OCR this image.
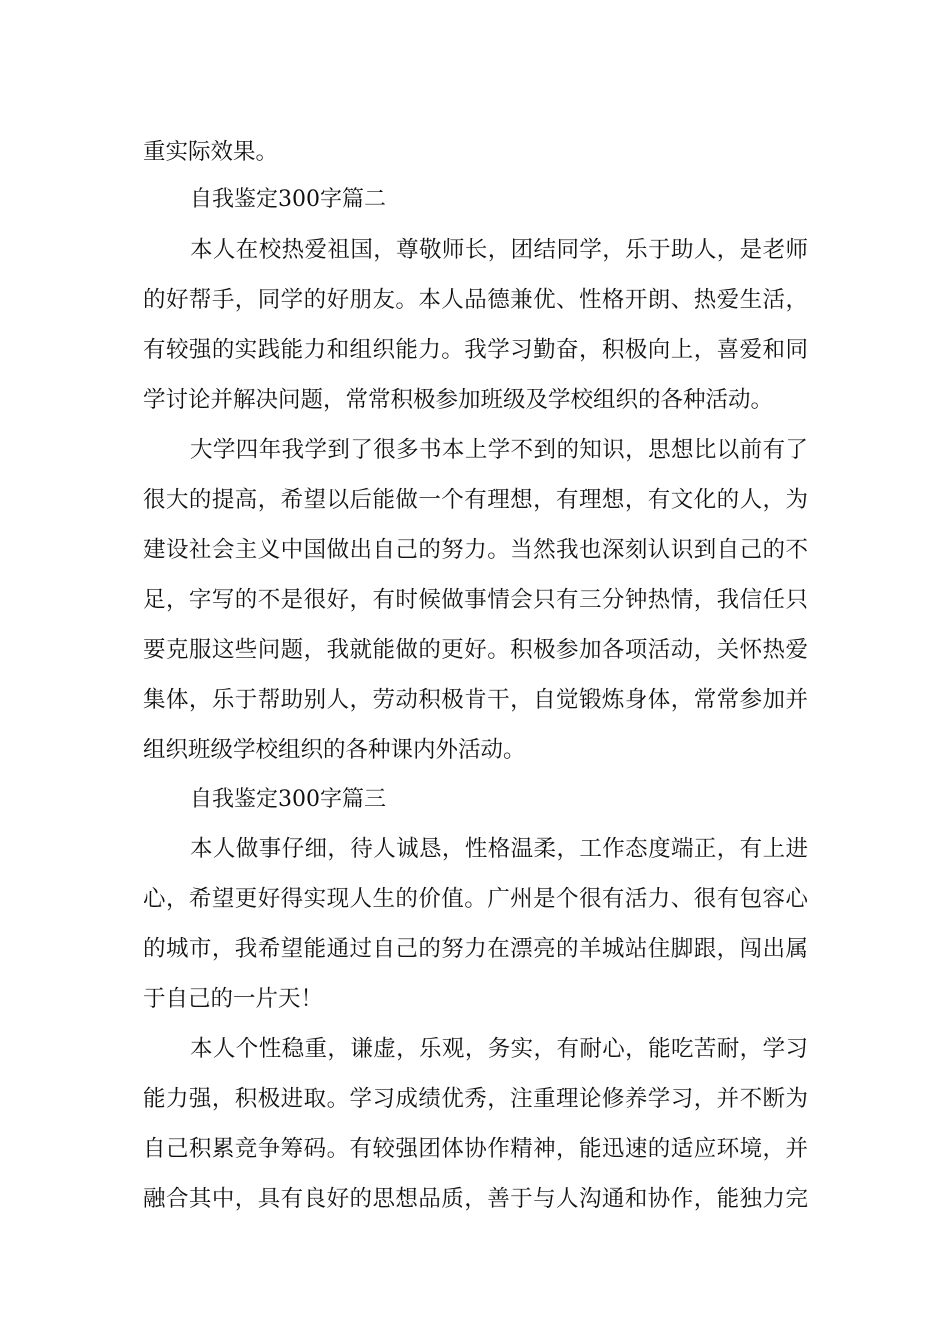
重实际效果。
自我鉴定300字篇二
本人在校热爱祖国，尊敬师长，团结同学，乐于助人，是老师
的好帮手，同学的好朋友。本人品德兼优、性格开朗、热爱生活，
有较强的实践能力和组织能力。我学习勤奋，积极向上，喜爱和同
学讨论并解决问题，常常积极参加班级及学校组织的各种活动。
大学四年我学到了很多书本上学不到的知识，思想比以前有了
很大的提高，希望以后能做一个有理想，有理想，有文化的人，为
建设社会主义中国做出自己的努力。当然我也深刻认识到自己的不
足，字写的不是很好，有时候做事情会只有三分钟热情，我信任只
要克服这些问题，我就能做的更好。积极参加各项活动，关怀热爱
集体，乐于帮助别人，劳动积极肯干，自觉锻炼身体，常常参加并
组织班级学校组织的各种课内外活动。
自我鉴定300字篇三
本人做事仔细，待人诚恳，性格温柔，工作态度端正，有上进
心，希望更好得实现人生的价值。广州是个很有活力、很有包容心
的城市，我希望能通过自己的努力在漂亮的羊城站住脚跟，闯出属
于自己的一片天！
本人个性稳重，谦虚，乐观，务实，有耐心，能吃苦耐，学习
能力强，积极进取。学习成绩优秀，注重理论修养学习，并不断为
自己积累竞争筹码。有较强团体协作精神，能迅速的适应环境，并
融合其中，具有良好的思想品质，善于与人沟通和协作，能独力完
